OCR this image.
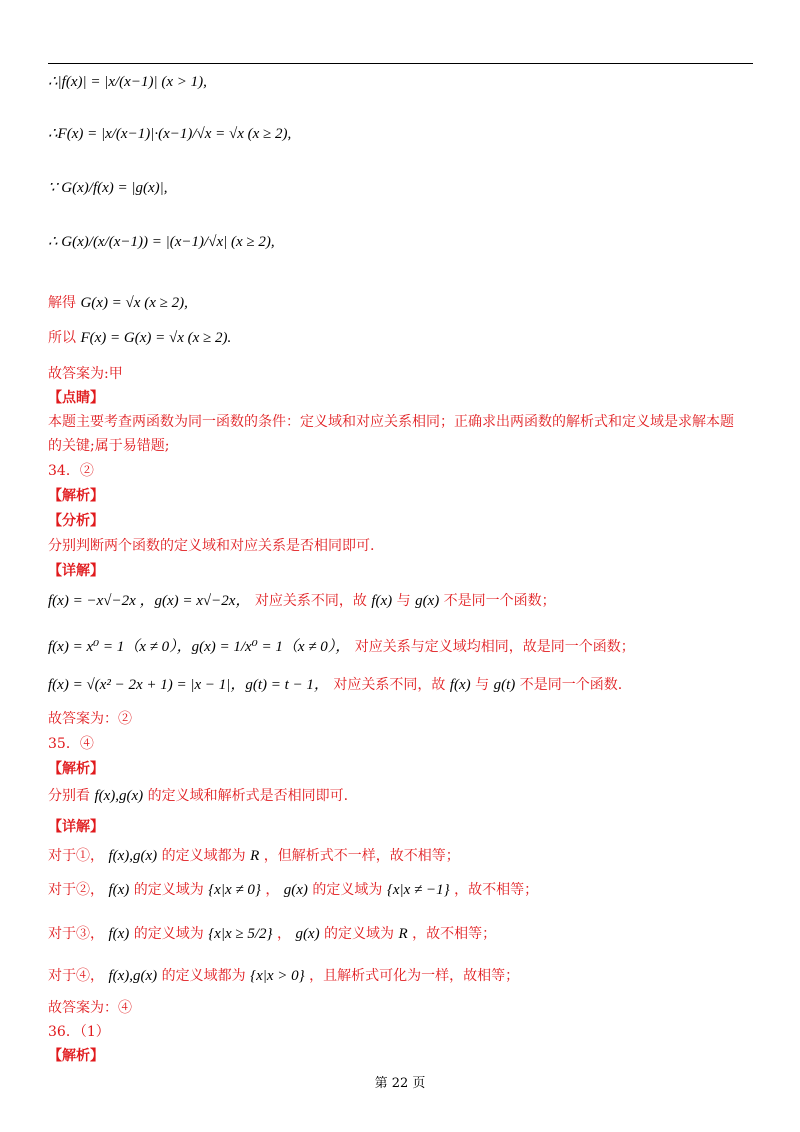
∴|f(x)| = |x/(x−1)| (x > 1),
∴F(x) = |x/(x−1)|·(x−1)/√x = √x (x ≥ 2),
∵ G(x)/f(x) = |g(x)|,
∴ G(x)/(x/(x−1)) = |(x−1)/√x| (x ≥ 2),
解得 G(x) = √x (x ≥ 2),
所以 F(x) = G(x) = √x (x ≥ 2).
故答案为:甲
【点睛】
本题主要考查两函数为同一函数的条件：定义域和对应关系相同；正确求出两函数的解析式和定义域是求解本题
的关键;属于易错题;
34．②
【解析】
【分析】
分别判断两个函数的定义域和对应关系是否相同即可.
【详解】
f(x) = −x√−2x ，g(x) = x√−2x， 对应关系不同，故 f(x) 与 g(x) 不是同一个函数；
f(x) = x⁰ = 1（x ≠ 0），g(x) = 1/x⁰ = 1（x ≠ 0）， 对应关系与定义域均相同，故是同一个函数；
f(x) = √(x² − 2x + 1) = |x − 1|，g(t) = t − 1， 对应关系不同，故 f(x) 与 g(t) 不是同一个函数.
故答案为：②
35．④
【解析】
分别看 f(x),g(x) 的定义域和解析式是否相同即可.
【详解】
对于①， f(x),g(x) 的定义域都为 R ，但解析式不一样，故不相等；
对于②， f(x) 的定义域为 {x|x ≠ 0} ， g(x) 的定义域为 {x|x ≠ −1} ，故不相等；
对于③， f(x) 的定义域为 {x|x ≥ 5/2} ， g(x) 的定义域为 R ，故不相等；
对于④， f(x),g(x) 的定义域都为 {x|x > 0} ，且解析式可化为一样，故相等；
故答案为：④
36．（1）
【解析】
第 22 页
